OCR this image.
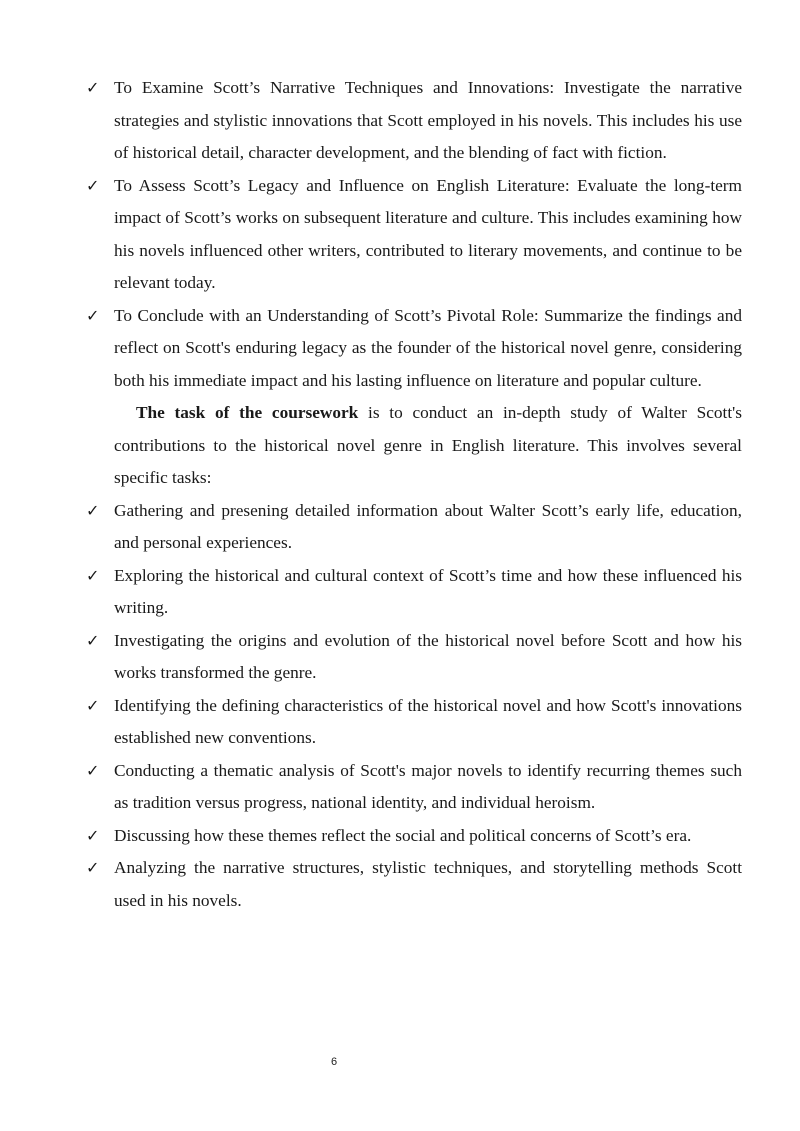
✓ To Examine Scott’s Narrative Techniques and Innovations: Investigate the narrative strategies and stylistic innovations that Scott employed in his novels. This includes his use of historical detail, character development, and the blending of fact with fiction.
✓ To Assess Scott’s Legacy and Influence on English Literature: Evaluate the long-term impact of Scott’s works on subsequent literature and culture. This includes examining how his novels influenced other writers, contributed to literary movements, and continue to be relevant today.
✓ To Conclude with an Understanding of Scott’s Pivotal Role: Summarize the findings and reflect on Scott's enduring legacy as the founder of the historical novel genre, considering both his immediate impact and his lasting influence on literature and popular culture.
The task of the coursework is to conduct an in-depth study of Walter Scott's contributions to the historical novel genre in English literature. This involves several specific tasks:
✓ Gathering and presening detailed information about Walter Scott’s early life, education, and personal experiences.
✓ Exploring the historical and cultural context of Scott’s time and how these influenced his writing.
✓ Investigating the origins and evolution of the historical novel before Scott and how his works transformed the genre.
✓ Identifying the defining characteristics of the historical novel and how Scott's innovations established new conventions.
✓ Conducting a thematic analysis of Scott's major novels to identify recurring themes such as tradition versus progress, national identity, and individual heroism.
✓ Discussing how these themes reflect the social and political concerns of Scott’s era.
✓ Analyzing the narrative structures, stylistic techniques, and storytelling methods Scott used in his novels.
6
